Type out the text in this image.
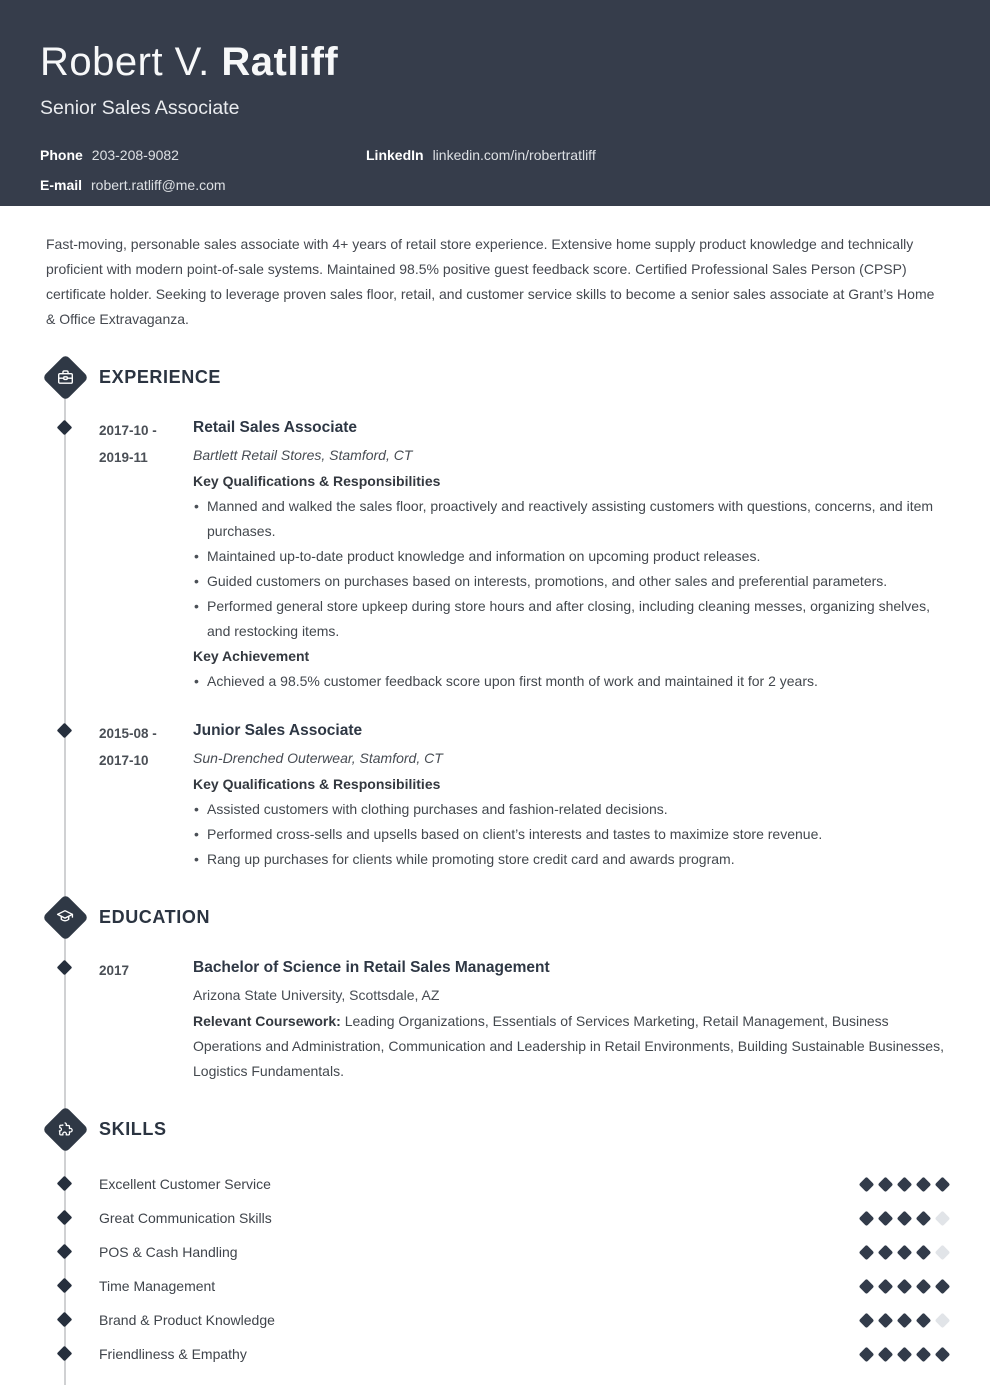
Robert V. Ratliff
Senior Sales Associate
Phone 203-208-9082	LinkedIn linkedin.com/in/robertratliff
E-mail robert.ratliff@me.com

Fast-moving, personable sales associate with 4+ years of retail store experience. Extensive home supply product knowledge and technically proficient with modern point-of-sale systems. Maintained 98.5% positive guest feedback score. Certified Professional Sales Person (CPSP) certificate holder. Seeking to leverage proven sales floor, retail, and customer service skills to become a senior sales associate at Grant’s Home & Office Extravaganza.

EXPERIENCE
2017-10 -
2019-11
Retail Sales Associate
Bartlett Retail Stores, Stamford, CT
Key Qualifications & Responsibilities
• Manned and walked the sales floor, proactively and reactively assisting customers with questions, concerns, and item purchases.
• Maintained up-to-date product knowledge and information on upcoming product releases.
• Guided customers on purchases based on interests, promotions, and other sales and preferential parameters.
• Performed general store upkeep during store hours and after closing, including cleaning messes, organizing shelves, and restocking items.
Key Achievement
• Achieved a 98.5% customer feedback score upon first month of work and maintained it for 2 years.
2015-08 -
2017-10
Junior Sales Associate
Sun-Drenched Outerwear, Stamford, CT
Key Qualifications & Responsibilities
• Assisted customers with clothing purchases and fashion-related decisions.
• Performed cross-sells and upsells based on client’s interests and tastes to maximize store revenue.
• Rang up purchases for clients while promoting store credit card and awards program.
EDUCATION
2017	Bachelor of Science in Retail Sales Management
Arizona State University, Scottsdale, AZ

Relevant Coursework: Leading Organizations, Essentials of Services Marketing, Retail Management, Business Operations and Administration, Communication and Leadership in Retail Environments, Building Sustainable Businesses, Logistics Fundamentals.

SKILLS
Excellent Customer Service
Great Communication Skills
POS & Cash Handling
Time Management
Brand & Product Knowledge
Friendliness & Empathy
